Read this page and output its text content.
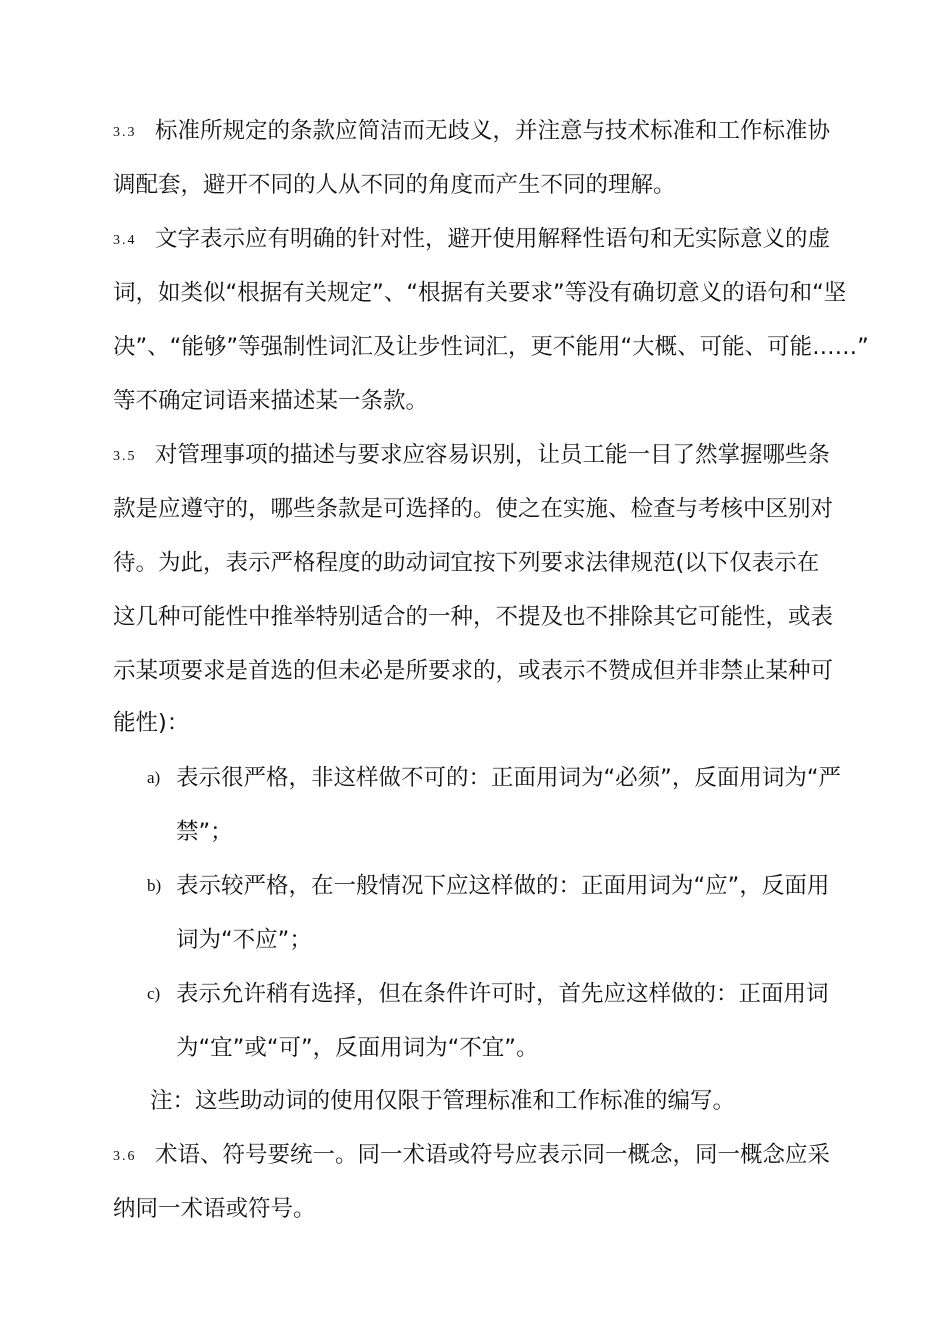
3.3 标准所规定的条款应简洁而无歧义，并注意与技术标准和工作标准协
调配套，避开不同的人从不同的角度而产生不同的理解。
3.4 文字表示应有明确的针对性，避开使用解释性语句和无实际意义的虚
词，如类似“根据有关规定”、“根据有关要求”等没有确切意义的语句和“坚
决”、“能够”等强制性词汇及让步性词汇，更不能用“大概、可能、可能……”
等不确定词语来描述某一条款。
3.5 对管理事项的描述与要求应容易识别，让员工能一目了然掌握哪些条
款是应遵守的，哪些条款是可选择的。使之在实施、检查与考核中区别对
待。为此，表示严格程度的助动词宜按下列要求法律规范(以下仅表示在
这几种可能性中推举特别适合的一种，不提及也不排除其它可能性，或表
示某项要求是首选的但未必是所要求的，或表示不赞成但并非禁止某种可
能性)：
a) 表示很严格，非这样做不可的：正面用词为“必须”，反面用词为“严
禁”；
b) 表示较严格，在一般情况下应这样做的：正面用词为“应”，反面用
词为“不应”；
c) 表示允许稍有选择，但在条件许可时，首先应这样做的：正面用词
为“宜”或“可”，反面用词为“不宜”。
注：这些助动词的使用仅限于管理标准和工作标准的编写。
3.6 术语、符号要统一。同一术语或符号应表示同一概念，同一概念应采
纳同一术语或符号。
